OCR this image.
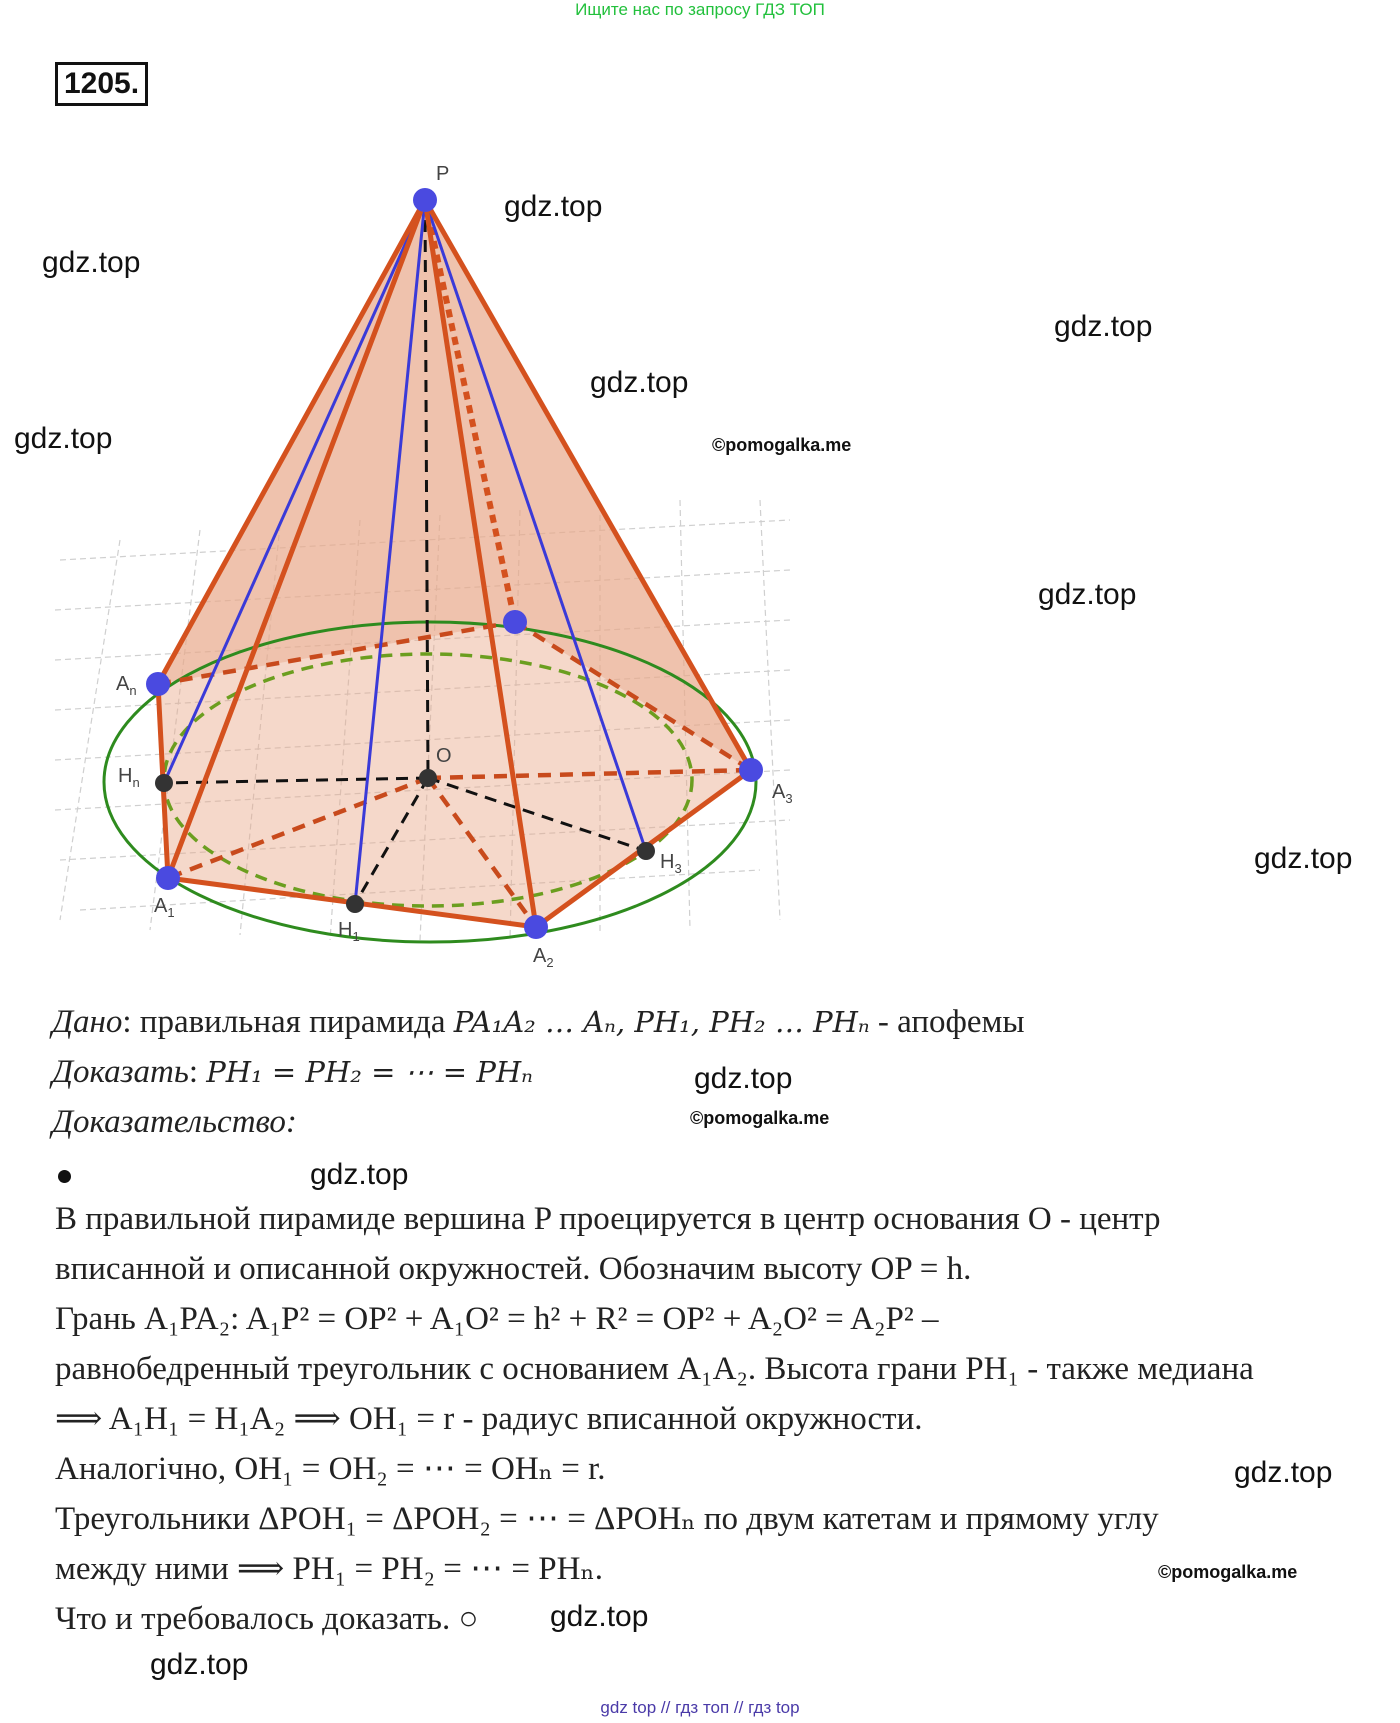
Ищите нас по запросу ГДЗ ТОП
1205.
P
O
$A_n$
$H_n$
$A_1$
$H_1$
$A_2$
$A_3$
$H_3$
gdz.top
gdz.top
gdz.top
gdz.top
gdz.top
gdz.top
gdz.top
gdz.top
gdz.top
gdz.top
gdz.top
gdz.top
©pomogalka.me
©pomogalka.me
©pomogalka.me
Дано: правильная пирамида PA₁A₂ … Aₙ, PH₁, PH₂ … PHₙ - апофемы
Доказать: PH₁ = PH₂ = ⋯ = PHₙ
Доказательство:
В правильной пирамиде вершина P проецируется в центр основания O - центр
вписанной и описанной окружностей. Обозначим высоту OP = h.
Грань A₁PA₂: A₁P² = OP² + A₁O² = h² + R² = OP² + A₂O² = A₂P² –
равнобедренный треугольник с основанием A₁A₂. Высота грани PH₁ - также медиана
⟹ A₁H₁ = H₁A₂ ⟹ OH₁ = r - радиус вписанной окружности.
Аналогічно, OH₁ = OH₂ = ⋯ = OHₙ = r.
Треугольники ΔPOH₁ = ΔPOH₂ = ⋯ = ΔPOHₙ по двум катетам и прямому углу
между ними ⟹ PH₁ = PH₂ = ⋯ = PHₙ.
Что и требовалось доказать. ○
gdz top // гдз топ // гдз top
